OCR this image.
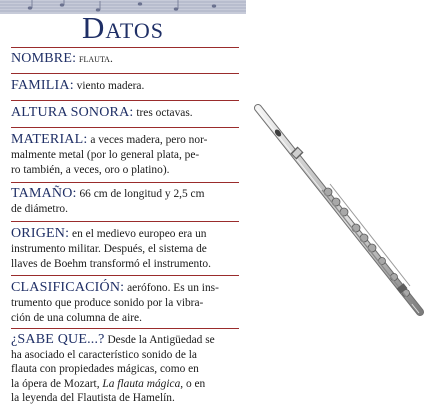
Datos
NOMBRE: flauta.
FAMILIA: viento madera.
ALTURA SONORA: tres octavas.
MATERIAL: a veces madera, pero nor-
malmente metal (por lo general plata, pe-
ro también, a veces, oro o platino).
TAMAÑO: 66 cm de longitud y 2,5 cm
de diámetro.
ORIGEN: en el medievo europeo era un
instrumento militar. Después, el sistema de
llaves de Boehm transformó el instrumento.
CLASIFICACIÓN: aerófono. Es un ins-
trumento que produce sonido por la vibra-
ción de una columna de aire.
¿SABE QUE...? Desde la Antigüedad se
ha asociado el característico sonido de la
flauta con propiedades mágicas, como en
la ópera de Mozart, La flauta mágica, o en
la leyenda del Flautista de Hamelín.
